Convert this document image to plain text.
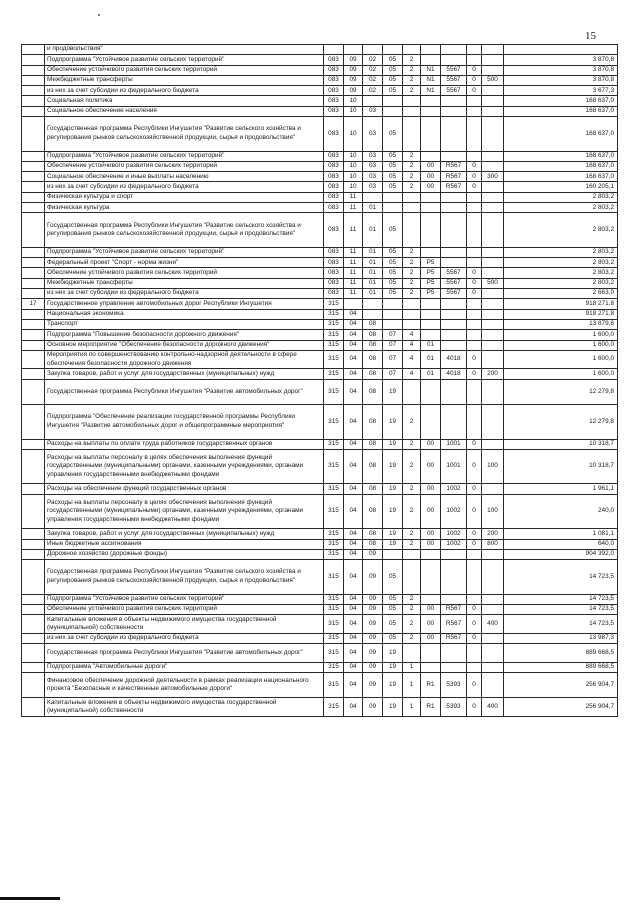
15
	и продовольствия"										
	Подпрограмма "Устойчивое развитие сельских территорий"	083	09	02	05	2					3 870,8
	Обеспечение устойчивого развития сельских территорий	083	09	02	05	2	N1	5567	0		3 870,8
	Межбюджетные трансферты	083	09	02	05	2	N1	5567	0	500	3 870,8
	из них за счет субсидии из федерального бюджета	083	09	02	05	2	N1	5567	0		3 677,3
	Социальная политика	083	10								168 637,0
	Социальное обеспечение населения	083	10	03							168 637,0
	Государственная программа Республики Ингушетия "Развитие сельского хозяйства и регулирования рынков сельскохозяйственной продукции, сырья и продовольствия"	083	10	03	05						168 637,0
	Подпрограмма "Устойчивое развитие сельских территорий"	083	10	03	05	2					168 637,0
	Обеспечение устойчивого развития сельских территорий	083	10	03	05	2	00	R567	0		168 637,0
	Социальное обеспечение и иные выплаты населению	083	10	03	05	2	00	R567	0	300	168 637,0
	из них за счет субсидии из федерального бюджета	083	10	03	05	2	00	R567	0		160 205,1
	Физическая культура и спорт	083	11								2 803,2
	Физическая культура	083	11	01							2 803,2
	Государственная программа Республики Ингушетия "Развитие сельского хозяйства и регулирования рынков сельскохозяйственной продукции, сырья и продовольствия"	083	11	01	05						2 803,2
	Подпрограмма "Устойчивое развитие сельских территорий"	083	11	01	05	2					2 803,2
	Федеральный проект "Спорт - норма жизни"	083	11	01	05	2	P5				2 803,2
	Обеспечение устойчивого развития сельских территорий	083	11	01	05	2	P5	5567	0		2 803,2
	Межбюджетные трансферты	083	11	01	05	2	P5	5567	0	500	2 803,2
	из них за счет субсидии из федерального бюджета	083	11	01	05	2	P5	5567	0		2 663,0
17	Государственное управление автомобильных дорог Республики Ингушетия	315									918 271,8
	Национальная экономика	315	04								918 271,8
	Транспорт	315	04	08							13 879,8
	Подпрограмма "Повышение безопасности дорожного движения"	315	04	08	07	4					1 600,0
	Основное мероприятие "Обеспечение безопасности дорожного движения"	315	04	08	07	4	01				1 600,0
	Мероприятия по совершенствованию контрольно-надзорной деятельности в сфере обеспечения безопасности дорожного движения	315	04	08	07	4	01	4018	0		1 600,0
	Закупка товаров, работ и услуг для государственных (муниципальных) нужд	315	04	08	07	4	01	4018	0	200	1 600,0
	Государственная программа Республики Ингушетия "Развитие автомобильных дорог"	315	04	08	19						12 279,8
	Подпрограмма "Обеспечение реализации государственной программы Республики Ингушетия "Развитие автомобильных дорог и общепрограммные мероприятия"	315	04	08	19	2					12 279,8
	Расходы на выплаты по оплате труда работников государственных органов	315	04	08	19	2	00	1001	0		10 318,7
	Расходы на выплаты персоналу в целях обеспечения выполнения функций государственными (муниципальными) органами, казенными учреждениями, органами управления государственными внебюджетными фондами	315	04	08	19	2	00	1001	0	100	10 318,7
	Расходы на обеспечение функций государственных органов	315	04	08	19	2	00	1002	0		1 961,1
	Расходы на выплаты персоналу в целях обеспечения выполнения функций государственными (муниципальными) органами, казенными учреждениями, органами управления государственными внебюджетными фондами	315	04	08	19	2	00	1002	0	100	240,0
	Закупка товаров, работ и услуг для государственных (муниципальных) нужд	315	04	08	19	2	00	1002	0	200	1 081,1
	Иные бюджетные ассигнования	315	04	08	19	2	00	1002	0	800	640,0
	Дорожное хозяйство (дорожные фонды)	315	04	09							904 392,0
	Государственная программа Республики Ингушетия "Развитие сельского хозяйства и регулирования рынков сельскохозяйственной продукции, сырья и продовольствия"	315	04	09	05						14 723,5
	Подпрограмма "Устойчивое развитие сельских территорий"	315	04	09	05	2					14 723,5
	Обеспечение устойчивого развития сельских территорий	315	04	09	05	2	00	R567	0		14 723,5
	Капитальные вложения в объекты недвижимого имущества государственной (муниципальной) собственности	315	04	09	05	2	00	R567	0	400	14 723,5
	из них за счет субсидии из федерального бюджета	315	04	09	05	2	00	R567	0		13 987,3
	Государственная программа Республики Ингушетия "Развитие автомобильных дорог"	315	04	09	19						889 668,5
	Подпрограмма "Автомобильные дороги"	315	04	09	19	1					889 668,5
	Финансовое обеспечение дорожной деятельности в рамках реализации национального проекта "Безопасные и качественные автомобильные дороги"	315	04	09	19	1	R1	5393	0		256 904,7
	Капитальные вложения в объекты недвижимого имущества государственной (муниципальной) собственности	315	04	09	19	1	R1	5393	0	400	256 904,7
